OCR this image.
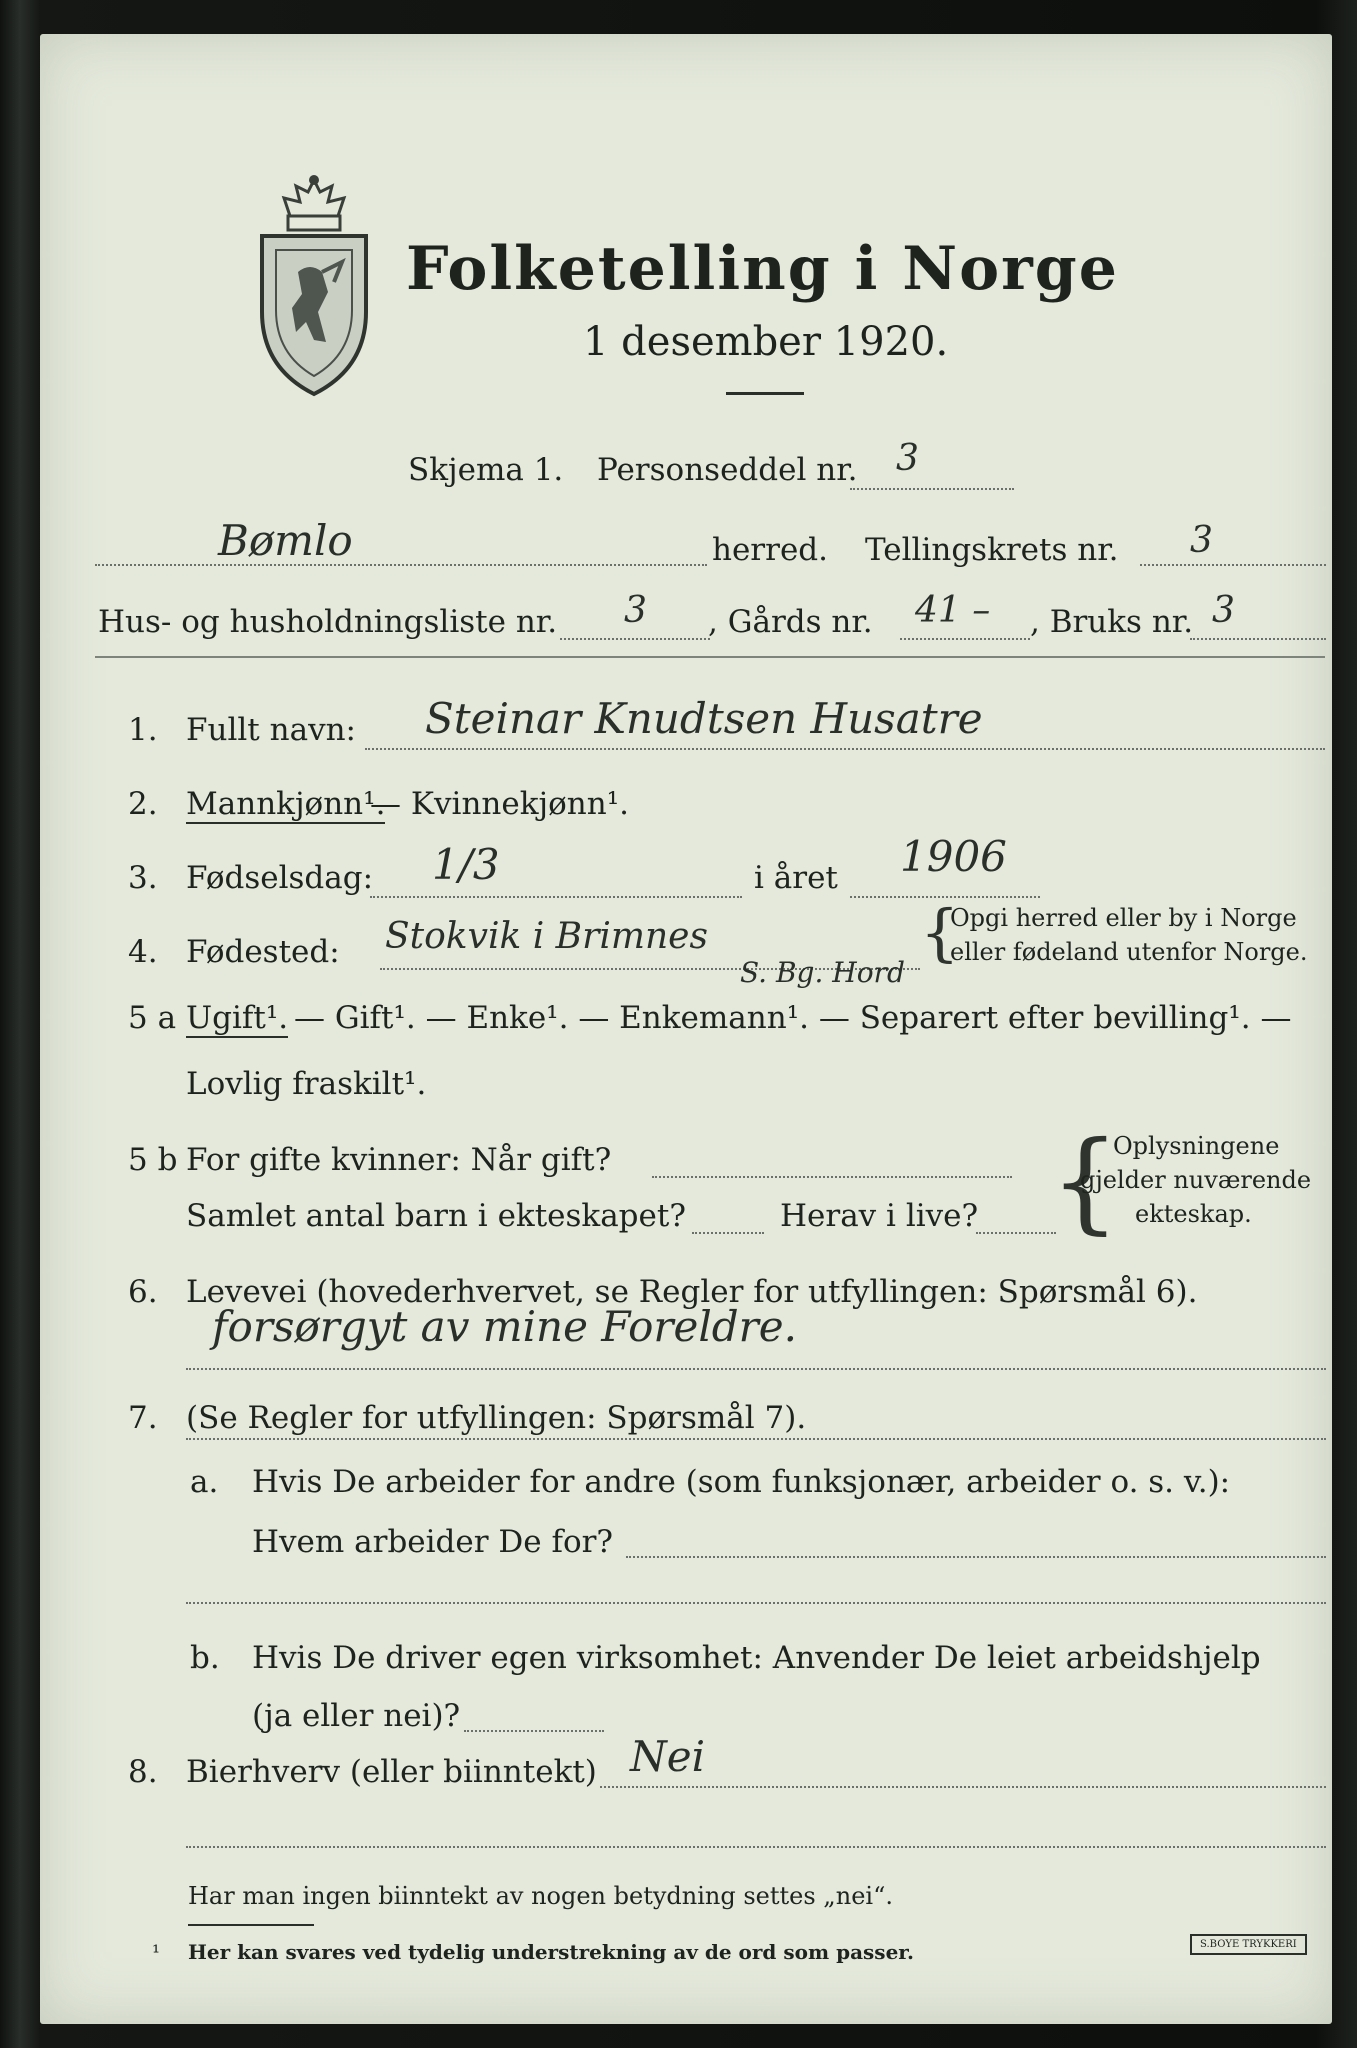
Folketelling i Norge
1 desember 1920.
Skjema 1. Personseddel nr. 3
Bømlo	herred. Tellingskrets nr. 3
Hus- og husholdningsliste nr. 3 , Gårds nr. 41 – , Bruks nr. 3
1. Fullt navn: Steinar Knudtsen Husatre
2. Mannkjønn¹.
— Kvinnekjønn¹.
3. Fødselsdag: 1/3	i året 1906
4. Fødested: Stokvik i Brimnes	{
Opgi herred eller by i Norge
eller fødeland utenfor Norge.
S. Bg. Hord
5 a Ugift¹. — Gift¹. — Enke¹. — Enkemann¹. — Separert efter bevilling¹. —
Lovlig fraskilt¹.
5 b For gifte kvinner: Når gift?
Samlet antal barn i ekteskapet?	Herav i live? {
Oplysningene
gjelder nuværende
ekteskap.
6. Levevei (hovederhvervet, se Regler for utfyllingen: Spørsmål 6).
forsørgyt av mine Foreldre.
7. (Se Regler for utfyllingen: Spørsmål 7).
a. Hvis De arbeider for andre (som funksjonær, arbeider o. s. v.):
Hvem arbeider De for?
b. Hvis De driver egen virksomhet: Anvender De leiet arbeidshjelp
(ja eller nei)?
8. Bierhverv (eller biinntekt) Nei
Har man ingen biinntekt av nogen betydning settes „nei“.
¹ Her kan svares ved tydelig understrekning av de ord som passer.	S.BOYE TRYKKERI
